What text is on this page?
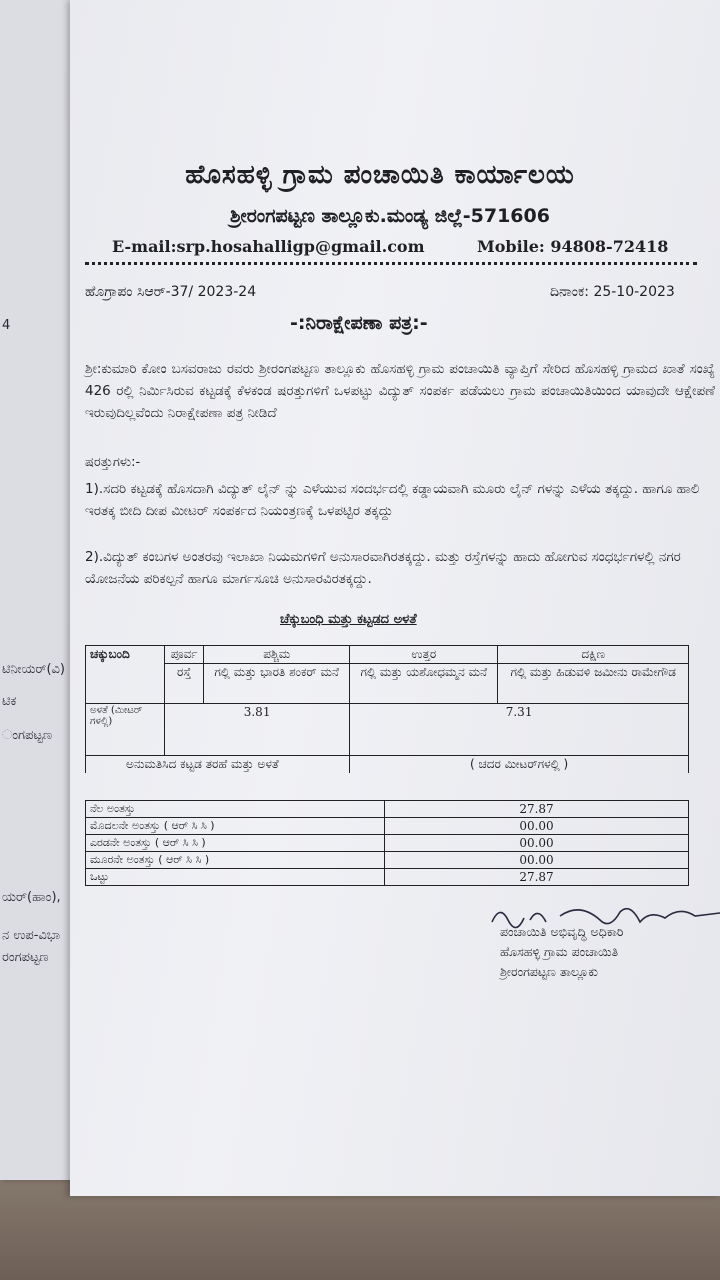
4
ಟಿನೀಯರ್(ವಿ)
ಟಿಕ
ಂಗಪಟ್ಟಣ
ಯರ್(ಹಾಂ),
ನ ಉಪ-ವಿಭಾ
ರಂಗಪಟ್ಟಣ
ಹೊಸಹಳ್ಳಿ ಗ್ರಾಮ ಪಂಚಾಯಿತಿ ಕಾರ್ಯಾಲಯ
ಶ್ರೀರಂಗಪಟ್ಟಣ ತಾಲ್ಲೂಕು.ಮಂಡ್ಯ ಜಿಲ್ಲೆ-571606
E-mail:srp.hosahalligp@gmail.com	Mobile: 94808-72418
ಹೊಗ್ರಾಪಂ ಸಿಆರ್-37/ 2023-24	ದಿನಾಂಕ: 25-10-2023
-:ನಿರಾಕ್ಷೇಪಣಾ ಪತ್ರ:-
ಶ್ರೀ:ಕುಮಾರಿ ಕೋಂ ಬಸವರಾಜು ರವರು ಶ್ರೀರಂಗಪಟ್ಟಣ ತಾಲ್ಲೂಕು ಹೊಸಹಳ್ಳಿ ಗ್ರಾಮ ಪಂಚಾಯಿತಿ ವ್ಯಾಪ್ತಿಗೆ ಸೇರಿದ ಹೊಸಹಳ್ಳಿ ಗ್ರಾಮದ ಖಾತೆ ಸಂಖ್ಯೆ 426 ರಲ್ಲಿ ನಿರ್ಮಿಸಿರುವ ಕಟ್ಟಡಕ್ಕೆ ಕೆಳಕಂಡ ಷರತ್ತುಗಳಿಗೆ ಒಳಪಟ್ಟು ವಿದ್ಯುತ್ ಸಂಪರ್ಕ ಪಡೆಯಲು ಗ್ರಾಮ ಪಂಚಾಯಿತಿಯಿಂದ ಯಾವುದೇ ಆಕ್ಷೇಪಣೆ ಇರುವುದಿಲ್ಲವೆಂದು ನಿರಾಕ್ಷೇಪಣಾ ಪತ್ರ ನೀಡಿದೆ
ಷರತ್ತುಗಳು:-
1).ಸದರಿ ಕಟ್ಟಡಕ್ಕೆ ಹೊಸದಾಗಿ ವಿದ್ಯುತ್ ಲೈನ್ ನ್ನು ಎಳೆಯುವ ಸಂದರ್ಭದಲ್ಲಿ ಕಡ್ಡಾಯವಾಗಿ ಮೂರು ಲೈನ್ ಗಳನ್ನು ಎಳೆಯ ತಕ್ಕದ್ದು. ಹಾಗೂ ಹಾಲಿ ಇರತಕ್ಕ ಬೀದಿ ದೀಪ ಮೀಟರ್ ಸಂಪರ್ಕದ ನಿಯಂತ್ರಣಕ್ಕೆ ಒಳಪಟ್ಟಿರ ತಕ್ಕದ್ದು
2).ವಿದ್ಯುತ್ ಕಂಬಗಳ ಅಂತರವು ಇಲಾಖಾ ನಿಯಮಗಳಿಗೆ ಅನುಸಾರವಾಗಿರತಕ್ಕದ್ದು. ಮತ್ತು ರಸ್ತೆಗಳನ್ನು ಹಾದು ಹೋಗುವ ಸಂಧರ್ಭಗಳಲ್ಲಿ ನಗರ ಯೋಜನೆಯ ಪರಿಕಲ್ಪನೆ ಹಾಗೂ ಮಾರ್ಗಸೂಚಿ ಅನುಸಾರವಿರತಕ್ಕದ್ದು.
ಚೆಕ್ಕುಬಂಧಿ ಮತ್ತು ಕಟ್ಟಡದ ಅಳತೆ
ಚಕ್ಕುಬಂದಿ	ಪೂರ್ವ	ಪಶ್ಚಿಮ	ಉತ್ತರ	ದಕ್ಷಿಣ
	ರಸ್ತೆ	ಗಲ್ಲಿ ಮತ್ತು ಭಾರತಿ ಶಂಕರ್ ಮನೆ	ಗಲ್ಲಿ ಮತ್ತು ಯಶೋಧಮ್ಮನ ಮನೆ	ಗಲ್ಲಿ ಮತ್ತು ಹಿಡುವಳಿ ಜಮೀನು ರಾಮೇಗೌಡ
ಅಳತೆ (ಮೀಟರ್ ಗಳಲ್ಲಿ)	3.81		7.31	
ಅನುಮತಿಸಿದ ಕಟ್ಟಡ ತರಹೆ ಮತ್ತು ಅಳತೆ			( ಚದರ ಮೀಟರ್‌ಗಳಲ್ಲಿ )	
ನೆಲ ಅಂತಸ್ತು	27.87
ಮೊದಲನೇ ಅಂತಸ್ತು ( ಆರ್ ಸಿ ಸಿ )	00.00
ಎರಡನೇ ಅಂತಸ್ತು ( ಆರ್ ಸಿ ಸಿ )	00.00
ಮೂರನೇ ಅಂತಸ್ತು ( ಆರ್ ಸಿ ಸಿ )	00.00
ಒಟ್ಟು	27.87
ಪಂಚಾಯಿತಿ ಅಭಿವೃದ್ಧಿ ಅಧಿಕಾರಿ
ಹೊಸಹಳ್ಳಿ ಗ್ರಾಮ ಪಂಚಾಯಿತಿ
ಶ್ರೀರಂಗಪಟ್ಟಣ ತಾಲ್ಲೂಕು
